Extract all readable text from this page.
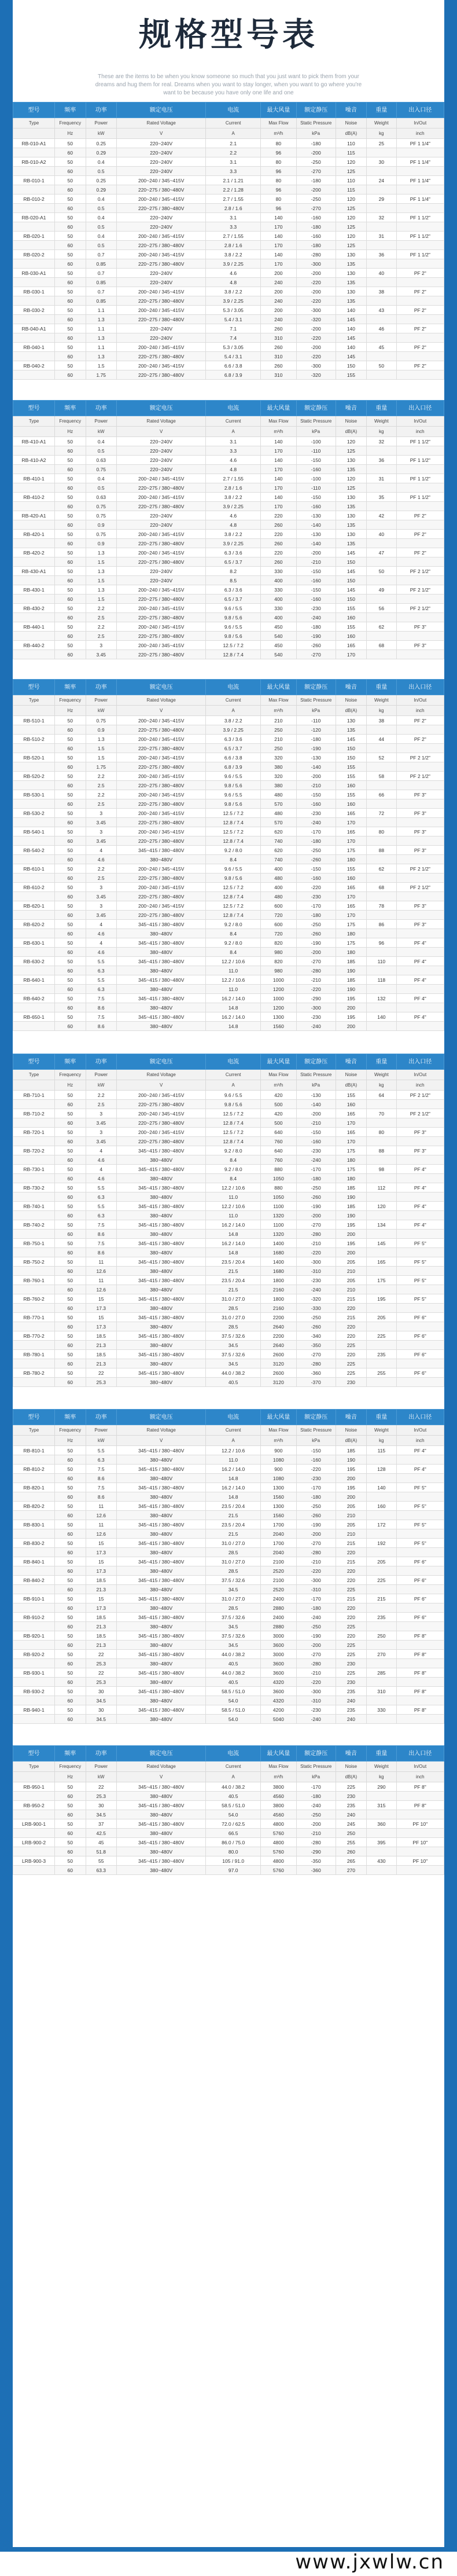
规格型号表
These are the items to be when you know someone so much that you just want to pick them from your
dreams and hug them for real. Dreams when you want to stay longer, when you want to go where you're
want to be because you have only one life and one
型号	频率	功率	额定电压	电流	最大风量	额定静压	噪音	重量	出入口径
Type	Frequency	Power	Rated Voltage	Current	Max Flow	Static Pressure	Noise	Weight	In/Out
	Hz	kW	V	A	m³/h	kPa	dB(A)	kg	inch
RB-010-A1	50	0.25	220~240V	2.1	80	-180	110	25	PF 1 1/4"
	60	0.29	220~240V	2.2	96	-200	115		
RB-010-A2	50	0.4	220~240V	3.1	80	-250	120	30	PF 1 1/4"
	60	0.5	220~240V	3.3	96	-270	125		
RB-010-1	50	0.25	200~240 / 345~415V	2.1 / 1.21	80	-180	110	24	PF 1 1/4"
	60	0.29	220~275 / 380~480V	2.2 / 1.28	96	-200	115		
RB-010-2	50	0.4	200~240 / 345~415V	2.7 / 1.55	80	-250	120	29	PF 1 1/4"
	60	0.5	220~275 / 380~480V	2.8 / 1.6	96	-270	125		
RB-020-A1	50	0.4	220~240V	3.1	140	-160	120	32	PF 1 1/2"
	60	0.5	220~240V	3.3	170	-180	125		
RB-020-1	50	0.4	200~240 / 345~415V	2.7 / 1.55	140	-160	120	31	PF 1 1/2"
	60	0.5	220~275 / 380~480V	2.8 / 1.6	170	-180	125		
RB-020-2	50	0.7	200~240 / 345~415V	3.8 / 2.2	140	-280	130	36	PF 1 1/2"
	60	0.85	220~275 / 380~480V	3.9 / 2.25	170	-300	135		
RB-030-A1	50	0.7	220~240V	4.6	200	-200	130	40	PF 2"
	60	0.85	220~240V	4.8	240	-220	135		
RB-030-1	50	0.7	200~240 / 345~415V	3.8 / 2.2	200	-200	130	38	PF 2"
	60	0.85	220~275 / 380~480V	3.9 / 2.25	240	-220	135		
RB-030-2	50	1.1	200~240 / 345~415V	5.3 / 3.05	200	-300	140	43	PF 2"
	60	1.3	220~275 / 380~480V	5.4 / 3.1	240	-320	145		
RB-040-A1	50	1.1	220~240V	7.1	260	-200	140	46	PF 2"
	60	1.3	220~240V	7.4	310	-220	145		
RB-040-1	50	1.1	200~240 / 345~415V	5.3 / 3.05	260	-200	140	45	PF 2"
	60	1.3	220~275 / 380~480V	5.4 / 3.1	310	-220	145		
RB-040-2	50	1.5	200~240 / 345~415V	6.6 / 3.8	260	-300	150	50	PF 2"
	60	1.75	220~275 / 380~480V	6.8 / 3.9	310	-320	155		
型号	频率	功率	额定电压	电流	最大风量	额定静压	噪音	重量	出入口径
Type	Frequency	Power	Rated Voltage	Current	Max Flow	Static Pressure	Noise	Weight	In/Out
	Hz	kW	V	A	m³/h	kPa	dB(A)	kg	inch
RB-410-A1	50	0.4	220~240V	3.1	140	-100	120	32	PF 1 1/2"
	60	0.5	220~240V	3.3	170	-110	125		
RB-410-A2	50	0.63	220~240V	4.6	140	-150	130	36	PF 1 1/2"
	60	0.75	220~240V	4.8	170	-160	135		
RB-410-1	50	0.4	200~240 / 345~415V	2.7 / 1.55	140	-100	120	31	PF 1 1/2"
	60	0.5	220~275 / 380~480V	2.8 / 1.6	170	-110	125		
RB-410-2	50	0.63	200~240 / 345~415V	3.8 / 2.2	140	-150	130	35	PF 1 1/2"
	60	0.75	220~275 / 380~480V	3.9 / 2.25	170	-160	135		
RB-420-A1	50	0.75	220~240V	4.6	220	-130	130	42	PF 2"
	60	0.9	220~240V	4.8	260	-140	135		
RB-420-1	50	0.75	200~240 / 345~415V	3.8 / 2.2	220	-130	130	40	PF 2"
	60	0.9	220~275 / 380~480V	3.9 / 2.25	260	-140	135		
RB-420-2	50	1.3	200~240 / 345~415V	6.3 / 3.6	220	-200	145	47	PF 2"
	60	1.5	220~275 / 380~480V	6.5 / 3.7	260	-210	150		
RB-430-A1	50	1.3	220~240V	8.2	330	-150	145	50	PF 2 1/2"
	60	1.5	220~240V	8.5	400	-160	150		
RB-430-1	50	1.3	200~240 / 345~415V	6.3 / 3.6	330	-150	145	49	PF 2 1/2"
	60	1.5	220~275 / 380~480V	6.5 / 3.7	400	-160	150		
RB-430-2	50	2.2	200~240 / 345~415V	9.6 / 5.5	330	-230	155	56	PF 2 1/2"
	60	2.5	220~275 / 380~480V	9.8 / 5.6	400	-240	160		
RB-440-1	50	2.2	200~240 / 345~415V	9.6 / 5.5	450	-180	155	62	PF 3"
	60	2.5	220~275 / 380~480V	9.8 / 5.6	540	-190	160		
RB-440-2	50	3	200~240 / 345~415V	12.5 / 7.2	450	-260	165	68	PF 3"
	60	3.45	220~275 / 380~480V	12.8 / 7.4	540	-270	170		
型号	频率	功率	额定电压	电流	最大风量	额定静压	噪音	重量	出入口径
Type	Frequency	Power	Rated Voltage	Current	Max Flow	Static Pressure	Noise	Weight	In/Out
	Hz	kW	V	A	m³/h	kPa	dB(A)	kg	inch
RB-510-1	50	0.75	200~240 / 345~415V	3.8 / 2.2	210	-110	130	38	PF 2"
	60	0.9	220~275 / 380~480V	3.9 / 2.25	250	-120	135		
RB-510-2	50	1.3	200~240 / 345~415V	6.3 / 3.6	210	-180	145	44	PF 2"
	60	1.5	220~275 / 380~480V	6.5 / 3.7	250	-190	150		
RB-520-1	50	1.5	200~240 / 345~415V	6.6 / 3.8	320	-130	150	52	PF 2 1/2"
	60	1.75	220~275 / 380~480V	6.8 / 3.9	380	-140	155		
RB-520-2	50	2.2	200~240 / 345~415V	9.6 / 5.5	320	-200	155	58	PF 2 1/2"
	60	2.5	220~275 / 380~480V	9.8 / 5.6	380	-210	160		
RB-530-1	50	2.2	200~240 / 345~415V	9.6 / 5.5	480	-150	155	66	PF 3"
	60	2.5	220~275 / 380~480V	9.8 / 5.6	570	-160	160		
RB-530-2	50	3	200~240 / 345~415V	12.5 / 7.2	480	-230	165	72	PF 3"
	60	3.45	220~275 / 380~480V	12.8 / 7.4	570	-240	170		
RB-540-1	50	3	200~240 / 345~415V	12.5 / 7.2	620	-170	165	80	PF 3"
	60	3.45	220~275 / 380~480V	12.8 / 7.4	740	-180	170		
RB-540-2	50	4	345~415 / 380~480V	9.2 / 8.0	620	-250	175	88	PF 3"
	60	4.6	380~480V	8.4	740	-260	180		
RB-610-1	50	2.2	200~240 / 345~415V	9.6 / 5.5	400	-150	155	62	PF 2 1/2"
	60	2.5	220~275 / 380~480V	9.8 / 5.6	480	-160	160		
RB-610-2	50	3	200~240 / 345~415V	12.5 / 7.2	400	-220	165	68	PF 2 1/2"
	60	3.45	220~275 / 380~480V	12.8 / 7.4	480	-230	170		
RB-620-1	50	3	200~240 / 345~415V	12.5 / 7.2	600	-170	165	78	PF 3"
	60	3.45	220~275 / 380~480V	12.8 / 7.4	720	-180	170		
RB-620-2	50	4	345~415 / 380~480V	9.2 / 8.0	600	-250	175	86	PF 3"
	60	4.6	380~480V	8.4	720	-260	180		
RB-630-1	50	4	345~415 / 380~480V	9.2 / 8.0	820	-190	175	96	PF 4"
	60	4.6	380~480V	8.4	980	-200	180		
RB-630-2	50	5.5	345~415 / 380~480V	12.2 / 10.6	820	-270	185	110	PF 4"
	60	6.3	380~480V	11.0	980	-280	190		
RB-640-1	50	5.5	345~415 / 380~480V	12.2 / 10.6	1000	-210	185	118	PF 4"
	60	6.3	380~480V	11.0	1200	-220	190		
RB-640-2	50	7.5	345~415 / 380~480V	16.2 / 14.0	1000	-290	195	132	PF 4"
	60	8.6	380~480V	14.8	1200	-300	200		
RB-650-1	50	7.5	345~415 / 380~480V	16.2 / 14.0	1300	-230	195	140	PF 4"
	60	8.6	380~480V	14.8	1560	-240	200		
型号	频率	功率	额定电压	电流	最大风量	额定静压	噪音	重量	出入口径
Type	Frequency	Power	Rated Voltage	Current	Max Flow	Static Pressure	Noise	Weight	In/Out
	Hz	kW	V	A	m³/h	kPa	dB(A)	kg	inch
RB-710-1	50	2.2	200~240 / 345~415V	9.6 / 5.5	420	-130	155	64	PF 2 1/2"
	60	2.5	220~275 / 380~480V	9.8 / 5.6	500	-140	160		
RB-710-2	50	3	200~240 / 345~415V	12.5 / 7.2	420	-200	165	70	PF 2 1/2"
	60	3.45	220~275 / 380~480V	12.8 / 7.4	500	-210	170		
RB-720-1	50	3	200~240 / 345~415V	12.5 / 7.2	640	-150	165	80	PF 3"
	60	3.45	220~275 / 380~480V	12.8 / 7.4	760	-160	170		
RB-720-2	50	4	345~415 / 380~480V	9.2 / 8.0	640	-230	175	88	PF 3"
	60	4.6	380~480V	8.4	760	-240	180		
RB-730-1	50	4	345~415 / 380~480V	9.2 / 8.0	880	-170	175	98	PF 4"
	60	4.6	380~480V	8.4	1050	-180	180		
RB-730-2	50	5.5	345~415 / 380~480V	12.2 / 10.6	880	-250	185	112	PF 4"
	60	6.3	380~480V	11.0	1050	-260	190		
RB-740-1	50	5.5	345~415 / 380~480V	12.2 / 10.6	1100	-190	185	120	PF 4"
	60	6.3	380~480V	11.0	1320	-200	190		
RB-740-2	50	7.5	345~415 / 380~480V	16.2 / 14.0	1100	-270	195	134	PF 4"
	60	8.6	380~480V	14.8	1320	-280	200		
RB-750-1	50	7.5	345~415 / 380~480V	16.2 / 14.0	1400	-210	195	145	PF 5"
	60	8.6	380~480V	14.8	1680	-220	200		
RB-750-2	50	11	345~415 / 380~480V	23.5 / 20.4	1400	-300	205	165	PF 5"
	60	12.6	380~480V	21.5	1680	-310	210		
RB-760-1	50	11	345~415 / 380~480V	23.5 / 20.4	1800	-230	205	175	PF 5"
	60	12.6	380~480V	21.5	2160	-240	210		
RB-760-2	50	15	345~415 / 380~480V	31.0 / 27.0	1800	-320	215	195	PF 5"
	60	17.3	380~480V	28.5	2160	-330	220		
RB-770-1	50	15	345~415 / 380~480V	31.0 / 27.0	2200	-250	215	205	PF 6"
	60	17.3	380~480V	28.5	2640	-260	220		
RB-770-2	50	18.5	345~415 / 380~480V	37.5 / 32.6	2200	-340	220	225	PF 6"
	60	21.3	380~480V	34.5	2640	-350	225		
RB-780-1	50	18.5	345~415 / 380~480V	37.5 / 32.6	2600	-270	220	235	PF 6"
	60	21.3	380~480V	34.5	3120	-280	225		
RB-780-2	50	22	345~415 / 380~480V	44.0 / 38.2	2600	-360	225	255	PF 6"
	60	25.3	380~480V	40.5	3120	-370	230		
型号	频率	功率	额定电压	电流	最大风量	额定静压	噪音	重量	出入口径
Type	Frequency	Power	Rated Voltage	Current	Max Flow	Static Pressure	Noise	Weight	In/Out
	Hz	kW	V	A	m³/h	kPa	dB(A)	kg	inch
RB-810-1	50	5.5	345~415 / 380~480V	12.2 / 10.6	900	-150	185	115	PF 4"
	60	6.3	380~480V	11.0	1080	-160	190		
RB-810-2	50	7.5	345~415 / 380~480V	16.2 / 14.0	900	-220	195	128	PF 4"
	60	8.6	380~480V	14.8	1080	-230	200		
RB-820-1	50	7.5	345~415 / 380~480V	16.2 / 14.0	1300	-170	195	140	PF 5"
	60	8.6	380~480V	14.8	1560	-180	200		
RB-820-2	50	11	345~415 / 380~480V	23.5 / 20.4	1300	-250	205	160	PF 5"
	60	12.6	380~480V	21.5	1560	-260	210		
RB-830-1	50	11	345~415 / 380~480V	23.5 / 20.4	1700	-190	205	172	PF 5"
	60	12.6	380~480V	21.5	2040	-200	210		
RB-830-2	50	15	345~415 / 380~480V	31.0 / 27.0	1700	-270	215	192	PF 5"
	60	17.3	380~480V	28.5	2040	-280	220		
RB-840-1	50	15	345~415 / 380~480V	31.0 / 27.0	2100	-210	215	205	PF 6"
	60	17.3	380~480V	28.5	2520	-220	220		
RB-840-2	50	18.5	345~415 / 380~480V	37.5 / 32.6	2100	-300	220	225	PF 6"
	60	21.3	380~480V	34.5	2520	-310	225		
RB-910-1	50	15	345~415 / 380~480V	31.0 / 27.0	2400	-170	215	215	PF 6"
	60	17.3	380~480V	28.5	2880	-180	220		
RB-910-2	50	18.5	345~415 / 380~480V	37.5 / 32.6	2400	-240	220	235	PF 6"
	60	21.3	380~480V	34.5	2880	-250	225		
RB-920-1	50	18.5	345~415 / 380~480V	37.5 / 32.6	3000	-190	220	250	PF 8"
	60	21.3	380~480V	34.5	3600	-200	225		
RB-920-2	50	22	345~415 / 380~480V	44.0 / 38.2	3000	-270	225	270	PF 8"
	60	25.3	380~480V	40.5	3600	-280	230		
RB-930-1	50	22	345~415 / 380~480V	44.0 / 38.2	3600	-210	225	285	PF 8"
	60	25.3	380~480V	40.5	4320	-220	230		
RB-930-2	50	30	345~415 / 380~480V	58.5 / 51.0	3600	-300	235	310	PF 8"
	60	34.5	380~480V	54.0	4320	-310	240		
RB-940-1	50	30	345~415 / 380~480V	58.5 / 51.0	4200	-230	235	330	PF 8"
	60	34.5	380~480V	54.0	5040	-240	240		
型号	频率	功率	额定电压	电流	最大风量	额定静压	噪音	重量	出入口径
Type	Frequency	Power	Rated Voltage	Current	Max Flow	Static Pressure	Noise	Weight	In/Out
	Hz	kW	V	A	m³/h	kPa	dB(A)	kg	inch
RB-950-1	50	22	345~415 / 380~480V	44.0 / 38.2	3800	-170	225	290	PF 8"
	60	25.3	380~480V	40.5	4560	-180	230		
RB-950-2	50	30	345~415 / 380~480V	58.5 / 51.0	3800	-240	235	315	PF 8"
	60	34.5	380~480V	54.0	4560	-250	240		
LRB-900-1	50	37	345~415 / 380~480V	72.0 / 62.5	4800	-200	245	360	PF 10"
	60	42.5	380~480V	66.5	5760	-210	250		
LRB-900-2	50	45	345~415 / 380~480V	86.0 / 75.0	4800	-280	255	395	PF 10"
	60	51.8	380~480V	80.0	5760	-290	260		
LRB-900-3	50	55	345~415 / 380~480V	105 / 91.0	4800	-350	265	430	PF 10"
	60	63.3	380~480V	97.0	5760	-360	270		
www.jxwlw.cn
